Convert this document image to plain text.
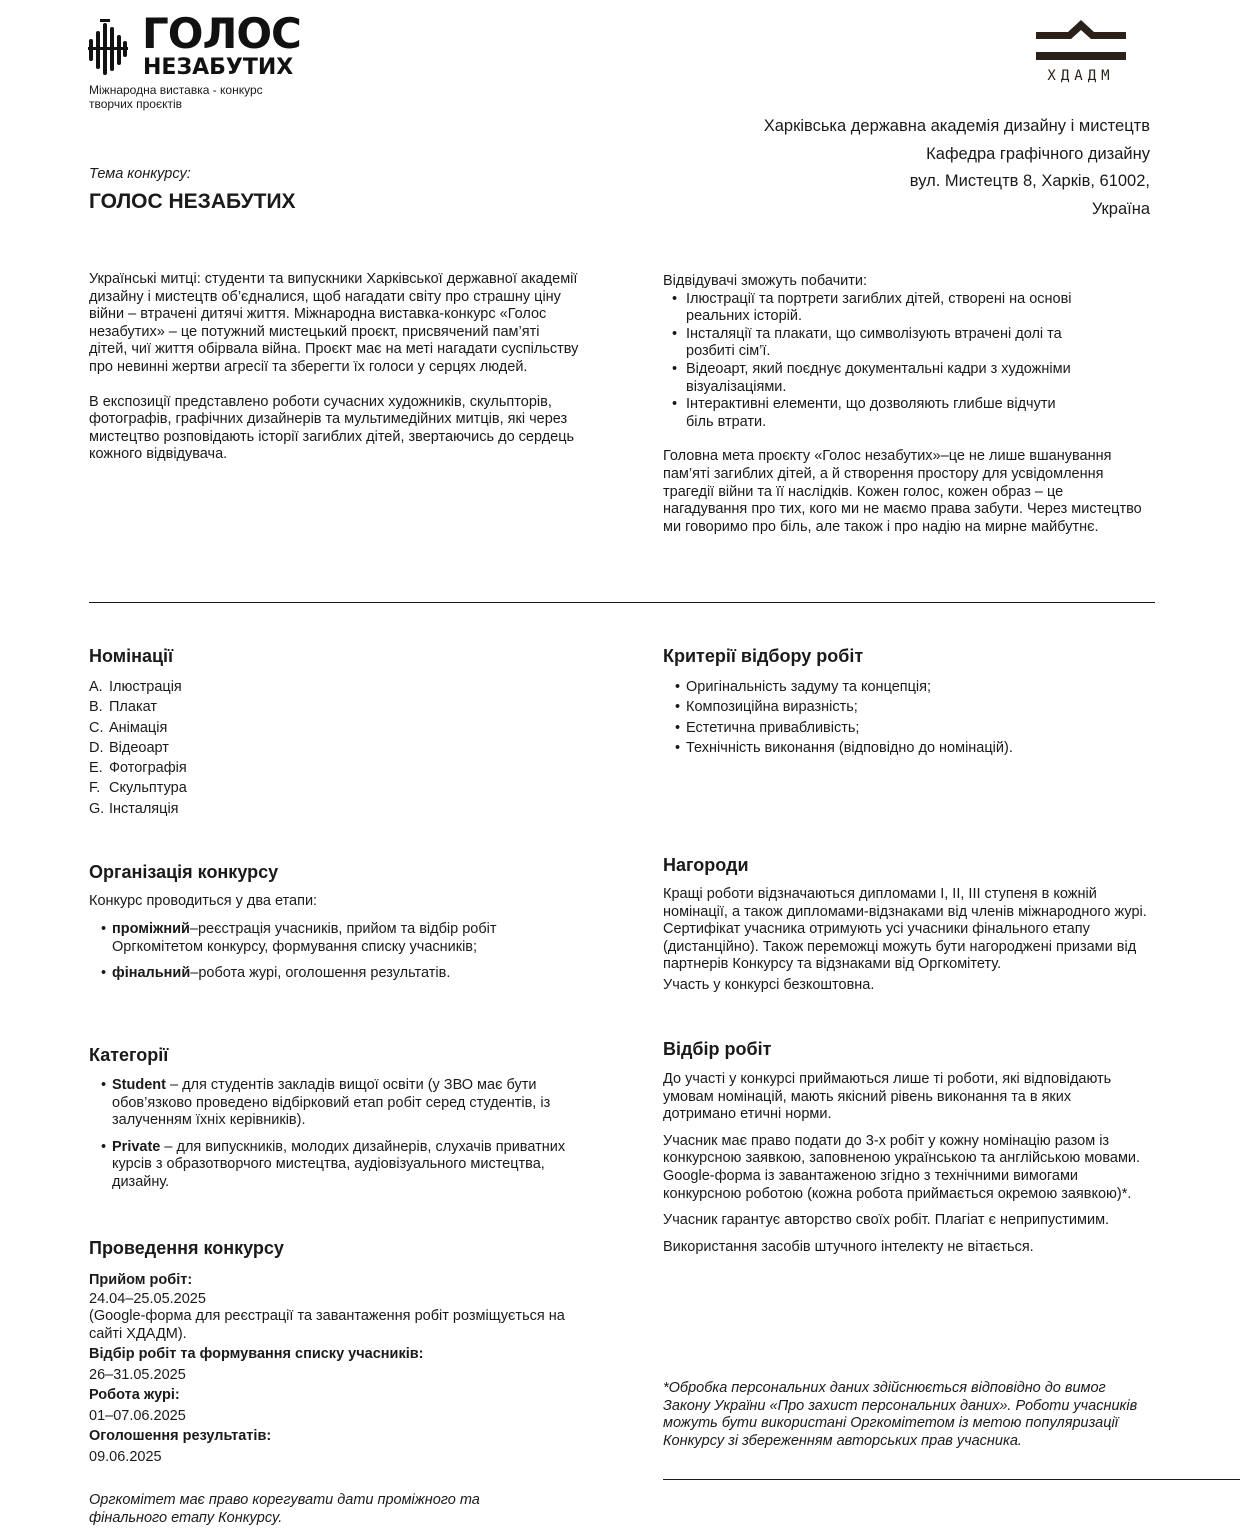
ГОЛОС
НЕЗАБУТИХ
Міжнародна виставка - конкурс творчих проєктів
ХДАДМ
Харківська державна академія дизайну і мистецтв
Кафедра графічного дизайну
вул. Мистецтв 8, Харків, 61002,
Україна
Тема конкурсу:
ГОЛОС НЕЗАБУТИХ

Українські митці: студенти та випускники Харківської державної академії дизайну і мистецтв об’єдналися, щоб нагадати світу про страшну ціну війни – втрачені дитячі життя. Міжнародна виставка-конкурс «Голос незабутих» – це потужний мистецький проєкт, присвячений пам’яті дітей, чиї життя обірвала війна. Проєкт має на меті нагадати суспільству про невинні жертви агресії та зберегти їх голоси у серцях людей.

В експозиції представлено роботи сучасних художників, скульпторів, фотографів, графічних дизайнерів та мультимедійних митців, які через мистецтво розповідають історії загиблих дітей, звертаючись до сердець кожного відвідувача.

Відвідувачі зможуть побачити:

• Ілюстрації та портрети загиблих дітей, створені на основі реальних історій.
• Інсталяції та плакати, що символізують втрачені долі та розбиті сім’ї.
• Відеоарт, який поєднує документальні кадри з художніми візуалізаціями.
• Інтерактивні елементи, що дозволяють глибше відчути біль втрати.

Головна мета проєкту «Голос незабутих»–це не лише вшанування пам’яті загиблих дітей, а й створення простору для усвідомлення трагедії війни та її наслідків. Кожен голос, кожен образ – це нагадування про тих, кого ми не маємо права забути. Через мистецтво ми говоримо про біль, але також і про надію на мирне майбутнє.

Номінації
A. Ілюстрація
B. Плакат
C. Анімація
D. Відеоарт
E. Фотографія
F. Скульптура
G. Інсталяція
Критерії відбору робіт
• Оригінальність задуму та концепція;
• Композиційна виразність;
• Естетична привабливість;
• Технічність виконання (відповідно до номінацій).
Організація конкурсу
Конкурс проводиться у два етапи:
• проміжний–реєстрація учасників, прийом та відбір робіт Оргкомітетом конкурсу, формування списку учасників;
• фінальний–робота журі, оголошення результатів.
Нагороди

Кращі роботи відзначаються дипломами І, ІІ, ІІІ ступеня в кожній номінації, а також дипломами-відзнаками від членів міжнародного журі. Сертифікат учасника отримують усі учасники фінального етапу (дистанційно). Також переможці можуть бути нагороджені призами від партнерів Конкурсу та відзнаками від Оргкомітету.

Участь у конкурсі безкоштовна.

Категорії
• Student – для студентів закладів вищої освіти (у ЗВО має бути обов’язково проведено відбірковий етап робіт серед студентів, із залученням їхніх керівників).
• Private – для випускників, молодих дизайнерів, слухачів приватних курсів з образотворчого мистецтва, аудіовізуального мистецтва, дизайну.
Відбір робіт

До участі у конкурсі приймаються лише ті роботи, які відповідають умовам номінацій, мають якісний рівень виконання та в яких дотримано етичні норми.

Учасник має право подати до 3-х робіт у кожну номінацію разом із конкурсною заявкою, заповненою українською та англійською мовами.

Google-форма із завантаженою згідно з технічними вимогами конкурсною роботою (кожна робота приймається окремою заявкою)*.

Учасник гарантує авторство своїх робіт. Плагіат є неприпустимим.

Використання засобів штучного інтелекту не вітається.

Проведення конкурсу
Прийом робіт:
24.04–25.05.2025
(Google-форма для реєстрації та завантаження робіт розміщується на сайті ХДАДМ).
Відбір робіт та формування списку учасників:
26–31.05.2025
Робота журі:
01–07.06.2025
Оголошення результатів:
09.06.2025
Оргкомітет має право корегувати дати проміжного та фінального етапу Конкурсу.
*Обробка персональних даних здійснюється відповідно до вимог Закону України «Про захист персональних даних». Роботи учасників можуть бути використані Оргкомітетом із метою популяризації Конкурсу зі збереженням авторських прав учасника.
